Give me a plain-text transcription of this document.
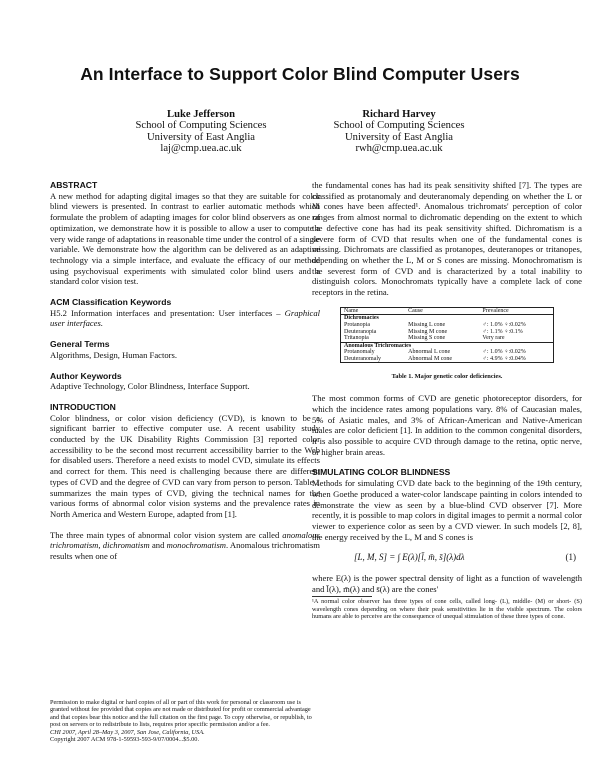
An Interface to Support Color Blind Computer Users
Luke Jefferson
School of Computing Sciences
University of East Anglia
laj@cmp.uea.ac.uk
Richard Harvey
School of Computing Sciences
University of East Anglia
rwh@cmp.uea.ac.uk
ABSTRACT

A new method for adapting digital images so that they are suitable for color blind viewers is presented. In contrast to earlier automatic methods which formulate the problem of adapting images for color blind observers as one of optimization, we demonstrate how it is possible to allow a user to compute a very wide range of adaptations in reasonable time under the control of a single variable. We demonstrate how the algorithm can be delivered as an adaptive technology via a simple interface, and evaluate the efficacy of our method using psychovisual experiments with simulated color blind users and a standard color vision test.

ACM Classification Keywords

H5.2 Information interfaces and presentation: User interfaces – Graphical user interfaces.

General Terms

Algorithms, Design, Human Factors.

Author Keywords

Adaptive Technology, Color Blindness, Interface Support.

INTRODUCTION

Color blindness, or color vision deficiency (CVD), is known to be a significant barrier to effective computer use. A recent usability study conducted by the UK Disability Rights Commission [3] reported color accessibility to be the second most recurrent accessibility barrier to the Web for disabled users. Therefore a need exists to model CVD, simulate its effects and correct for them. This need is challenging because there are different types of CVD and the degree of CVD can vary from person to person. Table 1 summarizes the main types of CVD, giving the technical names for the various forms of abnormal color vision systems and the prevalence rates in North America and Western Europe, adapted from [1].

The three main types of abnormal color vision system are called anomalous trichromatism, dichromatism and monochromatism. Anomalous trichromatism results when one of

Permission to make digital or hard copies of all or part of this work for personal or classroom use is granted without fee provided that copies are not made or distributed for profit or commercial advantage and that copies bear this notice and the full citation on the first page. To copy otherwise, or republish, to post on servers or to redistribute to lists, requires prior specific permission and/or a fee.
CHI 2007, April 28–May 3, 2007, San Jose, California, USA.
Copyright 2007 ACM 978-1-59593-593-9/07/0004...$5.00.

the fundamental cones has had its peak sensitivity shifted [7]. The types are classified as protanomaly and deuteranomaly depending on whether the L or M cones have been affected¹. Anomalous trichromats' perception of color ranges from almost normal to dichromatic depending on the extent to which the defective cone has had its peak sensitivity shifted. Dichromatism is a severe form of CVD that results when one of the fundamental cones is missing. Dichromats are classified as protanopes, deuteranopes or tritanopes, depending on whether the L, M or S cones are missing. Monochromatism is the severest form of CVD and is characterized by a total inability to distinguish colors. Monochromats typically have a complete lack of cone receptors in the retina.

Name	Cause	Prevalence
Dichromacies		
Protanopia	Missing L cone	♂: 1.0% ♀:0.02%
Deuteranopia	Missing M cone	♂: 1.1% ♀:0.1%
Tritanopia	Missing S cone	Very rare
Anomalous Trichromacies		
Protanomaly	Abnormal L cone	♂: 1.0% ♀:0.02%
Deuteranomaly	Abnormal M cone	♂: 4.9% ♀:0.04%
Table 1. Major genetic color deficiencies.

The most common forms of CVD are genetic photoreceptor disorders, for which the incidence rates among populations vary. 8% of Caucasian males, 5% of Asiatic males, and 3% of African-American and Native-American males are color deficient [1]. In addition to the common congenital disorders, it is also possible to acquire CVD through damage to the retina, optic nerve, or higher brain areas.

SIMULATING COLOR BLINDNESS

Methods for simulating CVD date back to the beginning of the 19th century, when Goethe produced a water-color landscape painting in colors intended to demonstrate the view as seen by a blue-blind CVD observer [7]. More recently, it is possible to map colors in digital images to permit a normal color viewer to experience color as seen by a CVD viewer. In such models [2, 8], the energy received by the L, M and S cones is

[L, M, S] = ∫ E(λ)[l̄, m̄, s̄](λ)dλ	(1)

where E(λ) is the power spectral density of light as a function of wavelength and l̄(λ), m̄(λ) and s̄(λ) are the cones'

¹A normal color observer has three types of cone cells, called long- (L), middle- (M) or short- (S) wavelength cones depending on where their peak sensitivities lie in the visible spectrum. The colors humans are able to perceive are the consequence of unequal stimulation of these three types of cone.
